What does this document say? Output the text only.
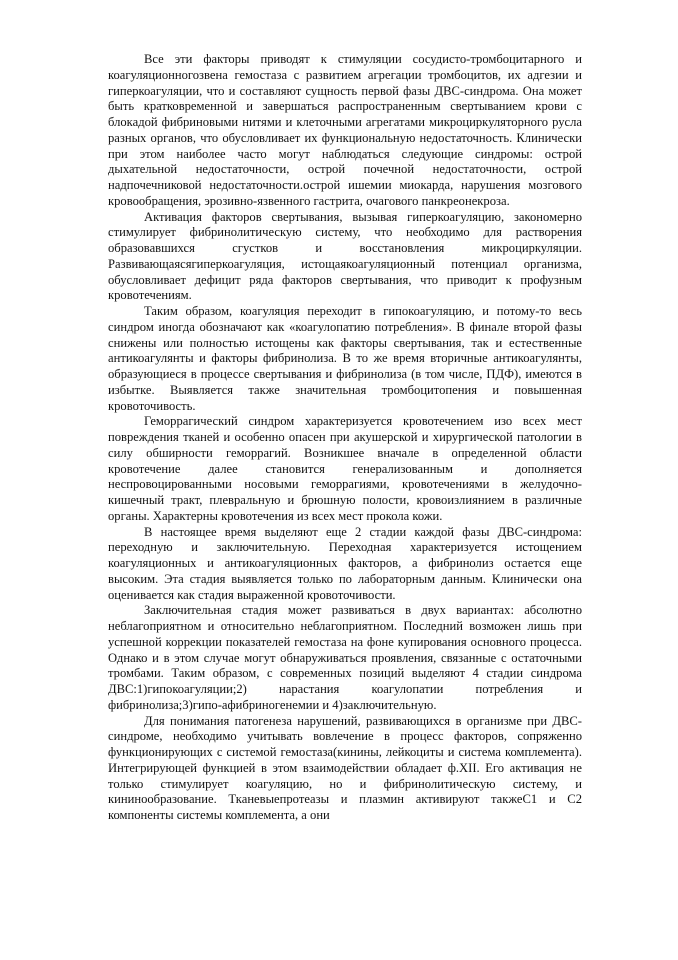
Все эти факторы приводят к стимуляции сосудисто-тромбоцитарного и коагуляционногозвена гемостаза с развитием агрегации тромбоцитов, их адгезии и гиперкоагуляции, что и составляют сущность первой фазы ДВС-синдрома. Она может быть кратковременной и завершаться распространенным свертыванием крови с блокадой фибриновыми нитями и клеточными агрегатами микроциркуляторного русла разных органов, что обусловливает их функциональную недостаточность. Клинически при этом наиболее часто могут наблюдаться следующие синдромы: острой дыхательной недостаточности, острой почечной недостаточности, острой надпочечниковой недостаточности.острой ишемии миокарда, нарушения мозгового кровообращения, эрозивно-язвенного гастрита, очагового панкреонекроза.

Активация факторов свертывания, вызывая гиперкоагуляцию, закономерно стимулирует фибринолитическую систему, что необходимо для растворения образовавшихся сгустков и восстановления микроциркуляции. Развивающаясягиперкоагуляция, истощаякоагуляционный потенциал организма, обусловливает дефицит ряда факторов свертывания, что приводит к профузным кровотечениям.

Таким образом, коагуляция переходит в гипокоагуляцию, и потому-то весь синдром иногда обозначают как «коагулопатию потребления». В финале второй фазы снижены или полностью истощены как факторы свертывания, так и естественные антикоагулянты и факторы фибринолиза. В то же время вторичные антикоагулянты, образующиеся в процессе свертывания и фибринолиза (в том числе, ПДФ), имеются в избытке. Выявляется также значительная тромбоцитопения и повышенная кровоточивость.

Геморрагический синдром характеризуется кровотечением изо всех мест повреждения тканей и особенно опасен при акушерской и хирургической патологии в силу обширности геморрагий. Возникшее вначале в определенной области кровотечение далее становится генерализованным и дополняется неспровоцированными носовыми геморрагиями, кровотечениями в желудочно-кишечный тракт, плевральную и брюшную полости, кровоизлиянием в различные органы. Характерны кровотечения из всех мест прокола кожи.

В настоящее время выделяют еще 2 стадии каждой фазы ДВС-синдрома: переходную и заключительную. Переходная характеризуется истощением коагуляционных и антикоагуляционных факторов, а фибринолиз остается еще высоким. Эта стадия выявляется только по лабораторным данным. Клинически она оценивается как стадия выраженной кровоточивости.

Заключительная стадия может развиваться в двух вариантах: абсолютно неблагоприятном и относительно неблагоприятном. Последний возможен лишь при успешной коррекции показателей гемостаза на фоне купирования основного процесса. Однако и в этом случае могут обнаруживаться проявления, связанные с остаточными тромбами. Таким образом, с современных позиций выделяют 4 стадии синдрома ДВС:1)гипокоагуляции;2) нарастания коагулопатии потребления и фибринолиза;3)гипо-афибриногенемии и 4)заключительную.

Для понимания патогенеза нарушений, развивающихся в организме при ДВС-синдроме, необходимо учитывать вовлечение в процесс факторов, сопряженно функционирующих с системой гемостаза(кинины, лейкоциты и система комплемента). Интегрирующей функцией в этом взаимодействии обладает ф.XII. Его активация не только стимулирует коагуляцию, но и фибринолитическую систему, и кининообразование. Тканевыепротеазы и плазмин активируют такжеС1 и С2 компоненты системы комплемента, а они
